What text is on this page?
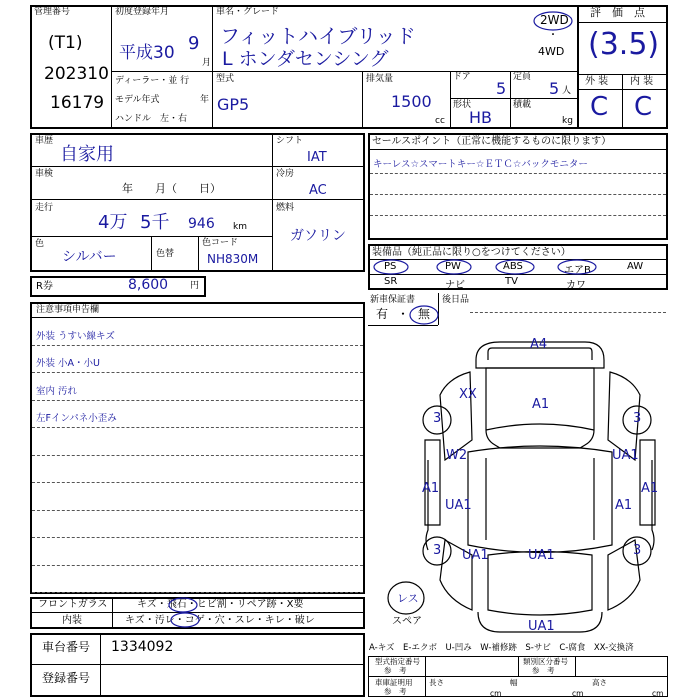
管理番号
(T1)
202310
16179
初度登録年月
平成30 9
月
ディーラー・並 行
モデル年式	年
ハンドル　左・右
車名・グレード
フィットハイブリッド
L ホンダセンシング
2WD
・
4WD
型式
GP5
排気量
1500
cc
ドア
5
定員
5 人
形状
HB
積載
kg
評　価　点
(3.5)
外 装 内 装
C C
車歴
自家用
車検
年　　月（　　日）
走行
4万 5千 946 km
色
シルバー	色替
色コード
NH830M
シフト
IAT
冷房
AC
燃料
ガソリン
R券	8,600 円
セールスポイント（正常に機能するものに限ります）
キーレス☆スマートキー☆ＥＴＣ☆バックモニター
装備品（純正品に限り○をつけてください）
PS	PW	ABS	エアB	AW
SR	ナビ	TV	カワ
新車保証書	後日品
有 ・ 無
注意事項申告欄
外装 うすい線キズ
外装 小A・小U
室内 汚れ
左Fインパネ小歪み
フロントガラス	キズ・飛石・ヒビ割・リペア跡・X要
内装	キズ・汚レ・コゲ・穴・スレ・キレ・破レ
車台番号 1334092
登録番号
A-キズ　E-エクボ　U-凹み　W-補修跡　S-サビ　C-腐食　XX-交換済
型式指定番号
参　考
類別区分番号
参　考
車庫証明用
参　考
長さ
cm
幅
cm
高さ
cm
A4
XX
A1
3	3
W2	UA1
A1	A1
UA1	A1
3 UA1	UA1	3
UA1
レス
スペア
